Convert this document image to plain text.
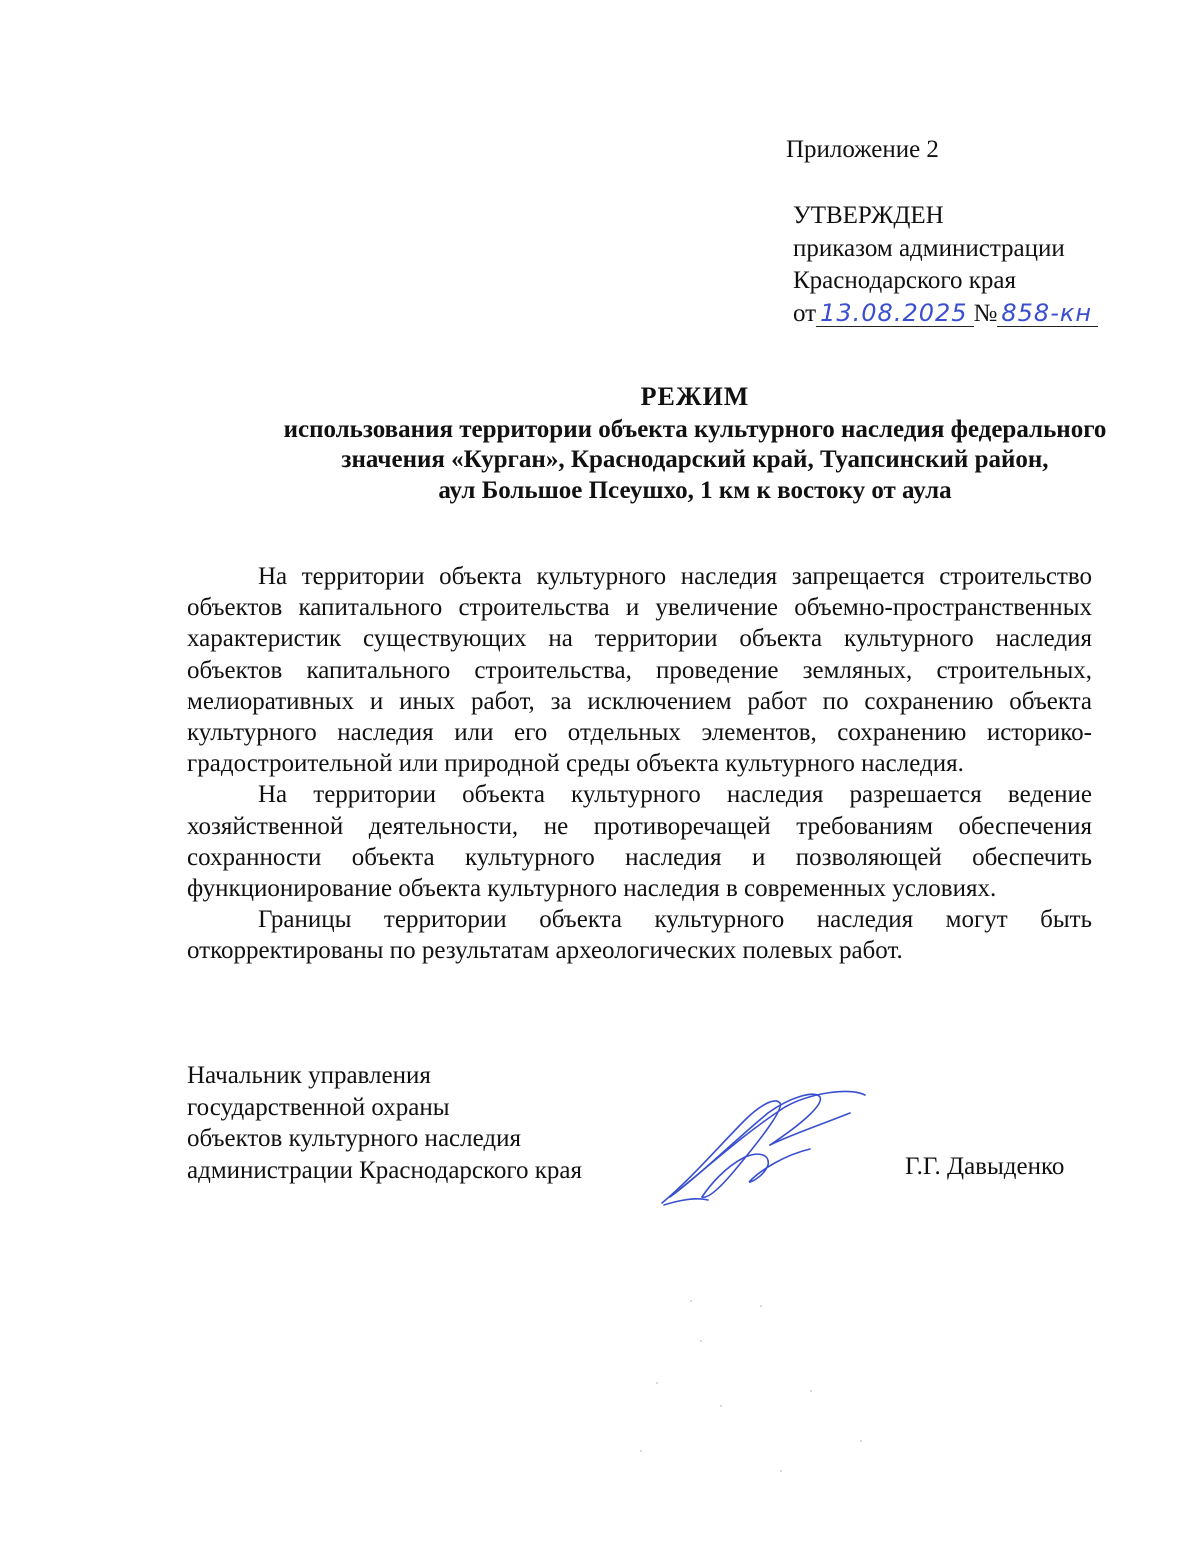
Приложение 2
УТВЕРЖДЕН
приказом администрации
Краснодарского края
от 13.08.2025 № 858-кн
РЕЖИМ
использования территории объекта культурного наследия федерального
значения «Курган», Краснодарский край, Туапсинский район,
аул Большое Псеушхо, 1 км к востоку от аула

На территории объекта культурного наследия запрещается строительство объектов капитального строительства и увеличение объемно-пространственных характеристик существующих на территории объекта культурного наследия объектов капитального строительства, проведение земляных, строительных, мелиоративных и иных работ, за исключением работ по сохранению объекта культурного наследия или его отдельных элементов, сохранению историко-градостроительной или природной среды объекта культурного наследия.

На территории объекта культурного наследия разрешается ведение хозяйственной деятельности, не противоречащей требованиям обеспечения сохранности объекта культурного наследия и позволяющей обеспечить функционирование объекта культурного наследия в современных условиях.

Границы территории объекта культурного наследия могут быть откорректированы по результатам археологических полевых работ.

Начальник управления
государственной охраны
объектов культурного наследия
администрации Краснодарского края	Г.Г. Давыденко
